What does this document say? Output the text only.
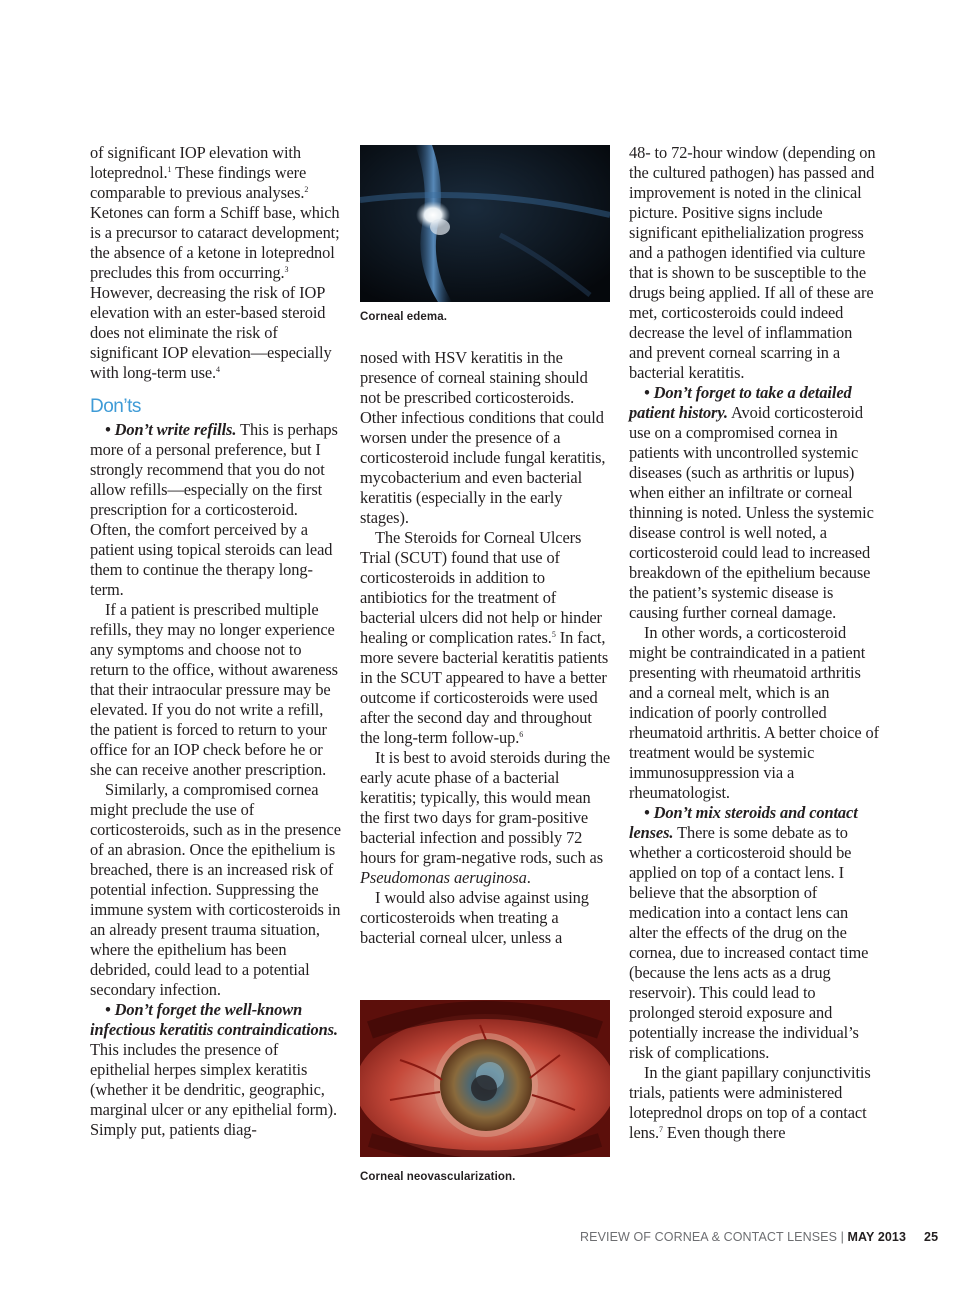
of significant IOP elevation with loteprednol.$^1$ These findings were comparable to previous analyses.$^2$ Ketones can form a Schiff base, which is a precursor to cataract development; the absence of a ketone in loteprednol precludes this from occurring.$^3$ However, decreasing the risk of IOP elevation with an ester-based steroid does not eliminate the risk of significant IOP elevation—especially with long-term use.$^4$

Don’ts

• Don’t write refills. This is perhaps more of a personal preference, but I strongly recommend that you do not allow refills—especially on the first prescription for a corticosteroid. Often, the comfort perceived by a patient using topical steroids can lead them to continue the therapy long-term.

If a patient is prescribed multiple refills, they may no longer experience any symptoms and choose not to return to the office, without awareness that their intraocular pressure may be elevated. If you do not write a refill, the patient is forced to return to your office for an IOP check before he or she can receive another prescription.

Similarly, a compromised cornea might preclude the use of corticosteroids, such as in the presence of an abrasion. Once the epithelium is breached, there is an increased risk of potential infection. Suppressing the immune system with corticosteroids in an already present trauma situation, where the epithelium has been debrided, could lead to a potential secondary infection.

• Don’t forget the well-known infectious keratitis contraindications. This includes the presence of epithelial herpes simplex keratitis (whether it be dendritic, geographic, marginal ulcer or any epithelial form). Simply put, patients diag-

Corneal edema.

nosed with HSV keratitis in the presence of corneal staining should not be prescribed corticosteroids. Other infectious conditions that could worsen under the presence of a corticosteroid include fungal keratitis, mycobacterium and even bacterial keratitis (especially in the early stages).

The Steroids for Corneal Ulcers Trial (SCUT) found that use of corticosteroids in addition to antibiotics for the treatment of bacterial ulcers did not help or hinder healing or complication rates.$^5$ In fact, more severe bacterial keratitis patients in the SCUT appeared to have a better outcome if corticosteroids were used after the second day and throughout the long-term follow-up.$^6$

It is best to avoid steroids during the early acute phase of a bacterial keratitis; typically, this would mean the first two days for gram-positive bacterial infection and possibly 72 hours for gram-negative rods, such as Pseudomonas aeruginosa.

I would also advise against using corticosteroids when treating a bacterial corneal ulcer, unless a

Corneal neovascularization.

48- to 72-hour window (depending on the cultured pathogen) has passed and improvement is noted in the clinical picture. Positive signs include significant epithelialization progress and a pathogen identified via culture that is shown to be susceptible to the drugs being applied. If all of these are met, corticosteroids could indeed decrease the level of inflammation and prevent corneal scarring in a bacterial keratitis.

• Don’t forget to take a detailed patient history. Avoid corticosteroid use on a compromised cornea in patients with uncontrolled systemic diseases (such as arthritis or lupus) when either an infiltrate or corneal thinning is noted. Unless the systemic disease control is well noted, a corticosteroid could lead to increased breakdown of the epithelium because the patient’s systemic disease is causing further corneal damage.

In other words, a corticosteroid might be contraindicated in a patient presenting with rheumatoid arthritis and a corneal melt, which is an indication of poorly controlled rheumatoid arthritis. A better choice of treatment would be systemic immunosuppression via a rheumatologist.

• Don’t mix steroids and contact lenses. There is some debate as to whether a corticosteroid should be applied on top of a contact lens. I believe that the absorption of medication into a contact lens can alter the effects of the drug on the cornea, due to increased contact time (because the lens acts as a drug reservoir). This could lead to prolonged steroid exposure and potentially increase the individual’s risk of complications.

In the giant papillary conjunctivitis trials, patients were administered loteprednol drops on top of a contact lens.$^7$ Even though there

REVIEW OF CORNEA & CONTACT LENSES | MAY 2013 25
